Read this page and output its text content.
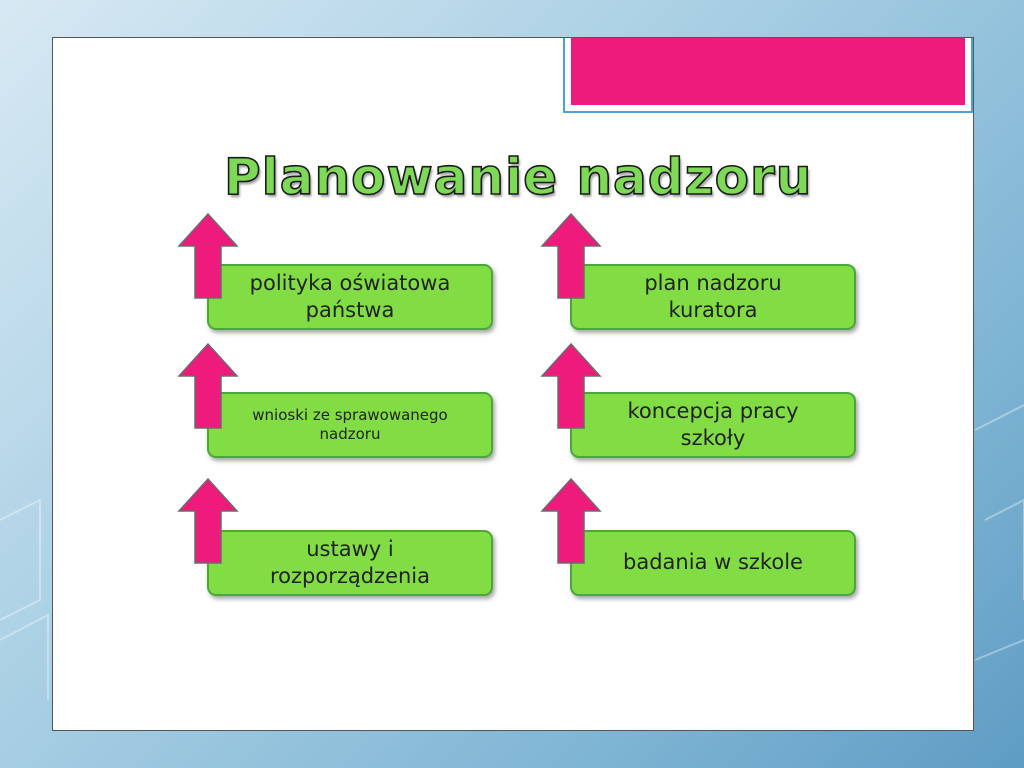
Planowanie nadzoru
polityka oświatowa
państwa
plan nadzoru
kuratora
wnioski ze sprawowanego
nadzoru
koncepcja pracy
szkoły
ustawy i
rozporządzenia
badania w szkole
